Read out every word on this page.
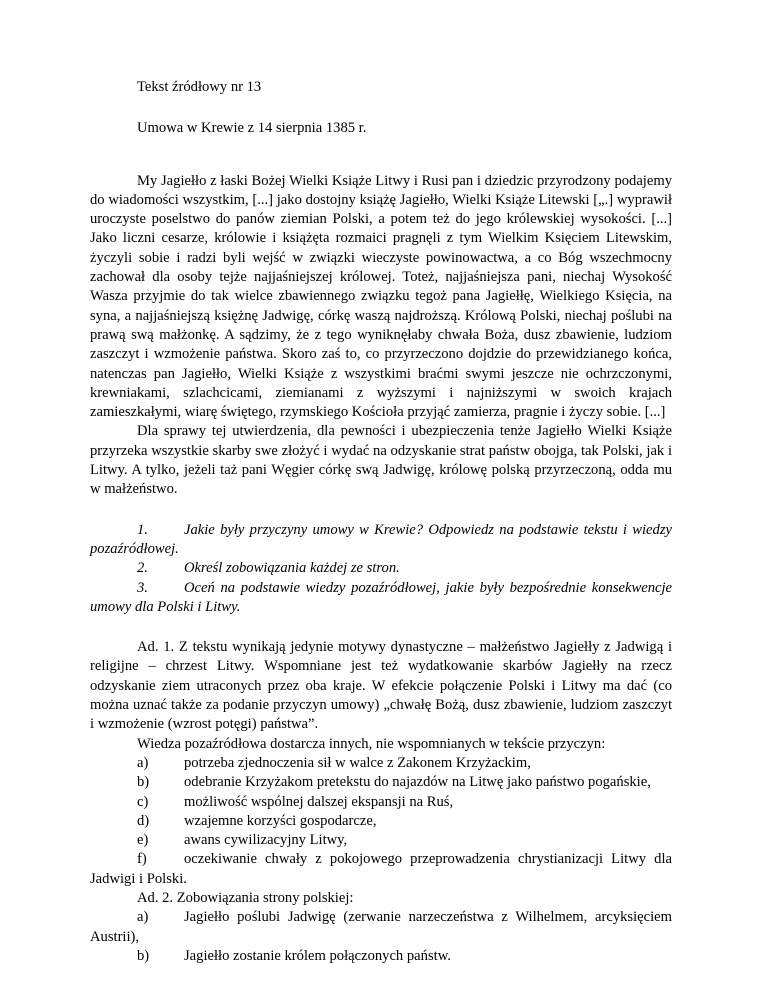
Tekst źródłowy nr 13

Umowa w Krewie z 14 sierpnia 1385 r.

My Jagiełło z łaski Bożej Wielki Książe Litwy i Rusi pan i dziedzic przyrodzony podajemy do wiadomości wszystkim, [...] jako dostojny książę Jagiełło, Wielki Książe Litewski [„.] wyprawił uroczyste poselstwo do panów ziemian Polski, a potem też do jego królewskiej wysokości. [...] Jako liczni cesarze, królowie i książęta rozmaici pragnęli z tym Wielkim Księciem Litewskim, życzyli sobie i radzi byli wejść w związki wieczyste powinowactwa, a co Bóg wszechmocny zachował dla osoby tejże najjaśniejszej królowej. Toteż, najjaśniejsza pani, niechaj Wysokość Wasza przyjmie do tak wielce zbawiennego związku tegoż pana Jagiełłę, Wielkiego Księcia, na syna, a najjaśniejszą księżnę Jadwigę, córkę waszą najdroższą. Królową Polski, niechaj poślubi na prawą swą małżonkę. A sądzimy, że z tego wyniknęłaby chwała Boża, dusz zbawienie, ludziom zaszczyt i wzmożenie państwa. Skoro zaś to, co przyrzeczono dojdzie do przewidzianego końca, natenczas pan Jagiełło, Wielki Książe z wszystkimi braćmi swymi jeszcze nie ochrzczonymi, krewniakami, szlachcicami, ziemianami z wyższymi i najniższymi w swoich krajach zamieszkałymi, wiarę świętego, rzymskiego Kościoła przyjąć zamierza, pragnie i życzy sobie. [...]

Dla sprawy tej utwierdzenia, dla pewności i ubezpieczenia tenże Jagiełło Wielki Książe przyrzeka wszystkie skarby swe złożyć i wydać na odzyskanie strat państw obojga, tak Polski, jak i Litwy. A tylko, jeżeli taż pani Węgier córkę swą Jadwigę, królowę polską przyrzeczoną, odda mu w małżeństwo.

1. Jakie były przyczyny umowy w Krewie? Odpowiedz na podstawie tekstu i wiedzy pozaźródłowej.

2. Określ zobowiązania każdej ze stron.

3. Oceń na podstawie wiedzy pozaźródłowej, jakie były bezpośrednie konsekwencje umowy dla Polski i Litwy.

Ad. 1. Z tekstu wynikają jedynie motywy dynastyczne – małżeństwo Jagiełły z Jadwigą i religijne – chrzest Litwy. Wspomniane jest też wydatkowanie skarbów Jagiełły na rzecz odzyskanie ziem utraconych przez oba kraje. W efekcie połączenie Polski i Litwy ma dać (co można uznać także za podanie przyczyn umowy) „chwałę Bożą, dusz zbawienie, ludziom zaszczyt i wzmożenie (wzrost potęgi) państwa”.

Wiedza pozaźródłowa dostarcza innych, nie wspomnianych w tekście przyczyn:

a) potrzeba zjednoczenia sił w walce z Zakonem Krzyżackim,

b) odebranie Krzyżakom pretekstu do najazdów na Litwę jako państwo pogańskie,

c) możliwość wspólnej dalszej ekspansji na Ruś,

d) wzajemne korzyści gospodarcze,

e) awans cywilizacyjny Litwy,

f)	oczekiwanie chwały z pokojowego przeprowadzenia chrystianizacji Litwy dla Jadwigi i Polski.

Ad. 2. Zobowiązania strony polskiej:

a) Jagiełło poślubi Jadwigę (zerwanie narzeczeństwa z Wilhelmem, arcyksięciem Austrii),

b) Jagiełło zostanie królem połączonych państw.
